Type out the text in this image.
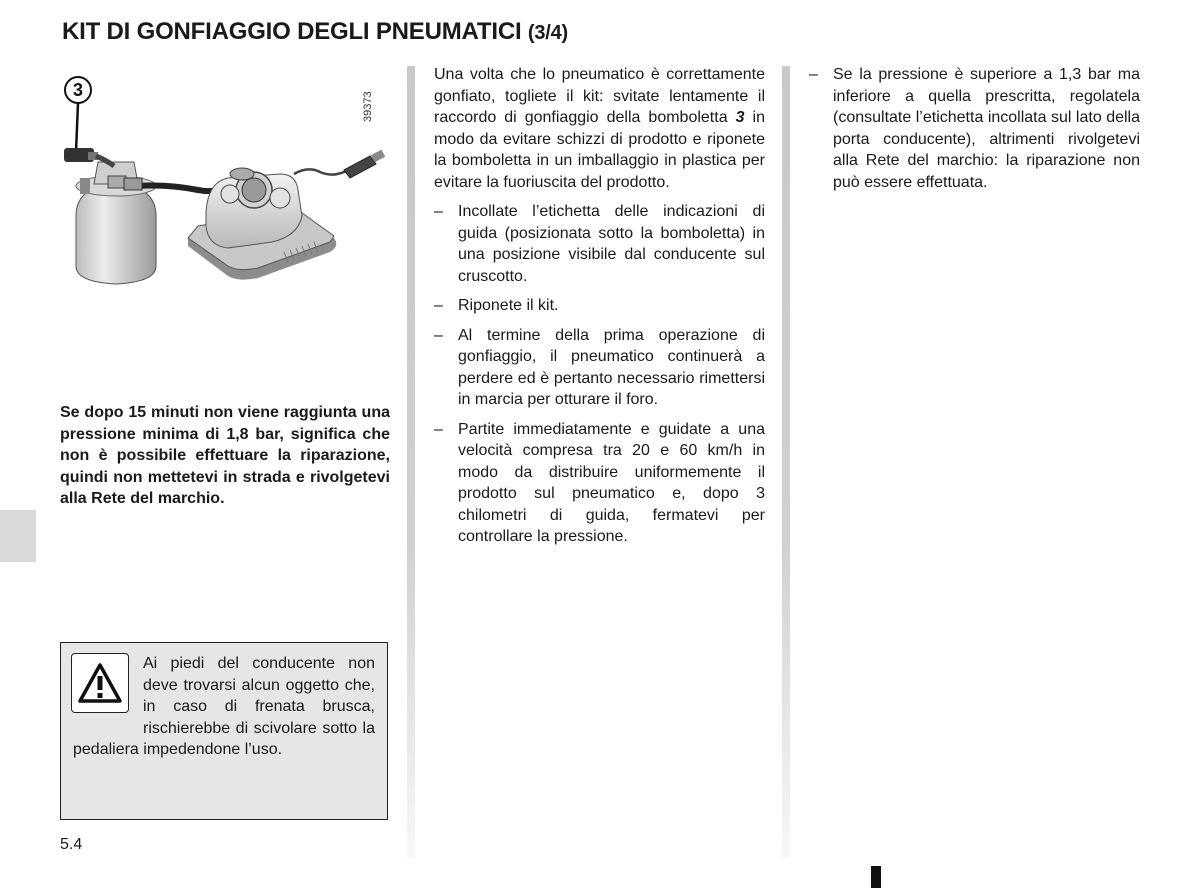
KIT DI GONFIAGGIO DEGLI PNEUMATICI (3/4)
3
39373
Se dopo 15 minuti non viene raggiunta una pressione minima di 1,8 bar, significa che non è possibile effettuare la riparazione, quindi non mettetevi in strada e rivolgetevi alla Rete del marchio.
Ai piedi del conducente non deve trovarsi alcun oggetto che, in caso di frenata brusca, rischierebbe di scivolare sotto la pedaliera impedendone l’uso.

Una volta che lo pneumatico è correttamente gonfiato, togliete il kit: svitate lentamente il raccordo di gonfiaggio della bomboletta 3 in modo da evitare schizzi di prodotto e riponete la bomboletta in un imballaggio in plastica per evitare la fuoriuscita del prodotto.

– Incollate l’etichetta delle indicazioni di guida (posizionata sotto la bomboletta) in una posizione visibile dal conducente sul cruscotto.
– Riponete il kit.
– Al termine della prima operazione di gonfiaggio, il pneumatico continuerà a perdere ed è pertanto necessario rimettersi in marcia per otturare il foro.
– Partite immediatamente e guidate a una velocità compresa tra 20 e 60 km/h in modo da distribuire uniformemente il prodotto sul pneumatico e, dopo 3 chilometri di guida, fermatevi per controllare la pressione.
– Se la pressione è superiore a 1,3 bar ma inferiore a quella prescritta, regolatela (consultate l’etichetta incollata sul lato della porta conducente), altrimenti rivolgetevi alla Rete del marchio: la riparazione non può essere effettuata.
5.4
